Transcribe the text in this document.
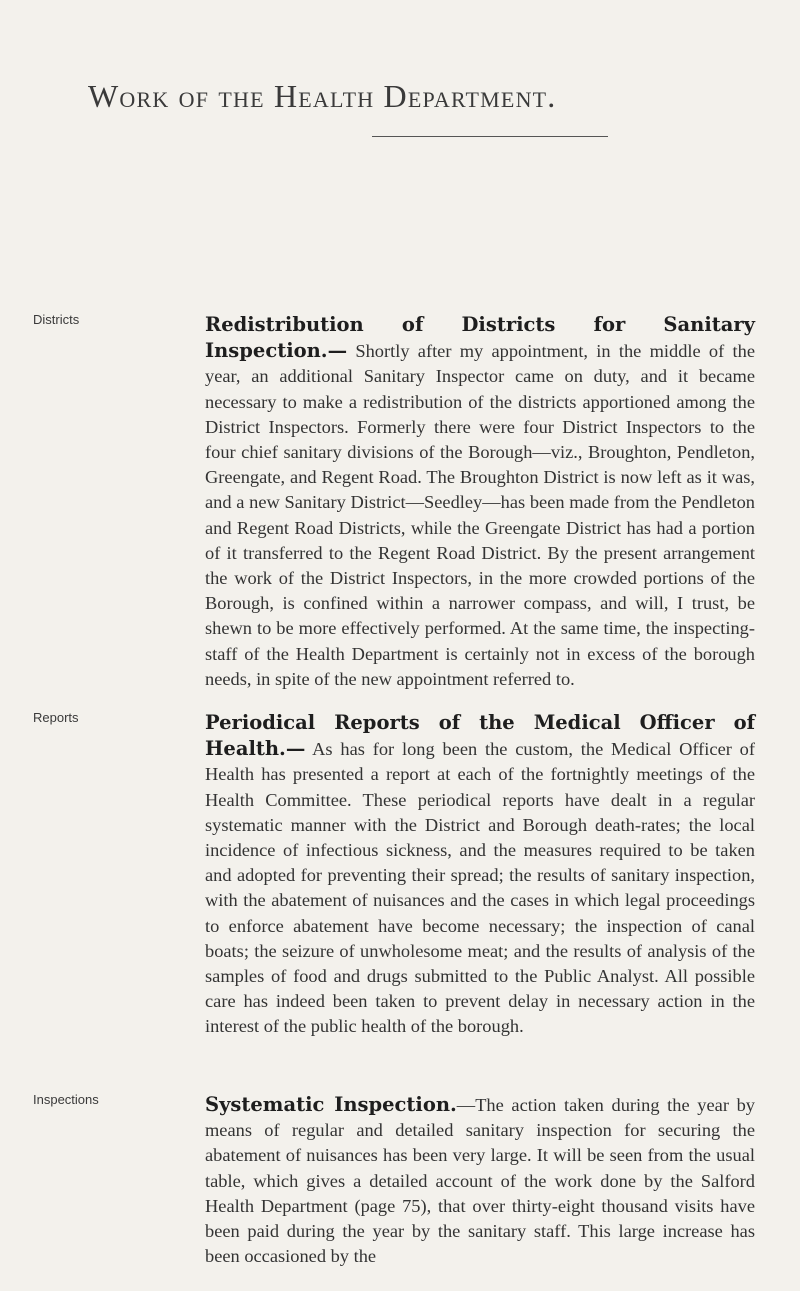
Work of the Health Department.
Districts	Redistribution of Districts for Sanitary Inspection.— Shortly after my appointment, in the middle of the year, an additional Sanitary Inspector came on duty, and it became necessary to make a redistribution of the districts apportioned among the District Inspectors. Formerly there were four District Inspectors to the four chief sanitary divisions of the Borough—viz., Broughton, Pendleton, Greengate, and Regent Road. The Broughton District is now left as it was, and a new Sanitary District—Seedley—has been made from the Pendleton and Regent Road Districts, while the Greengate District has had a portion of it transferred to the Regent Road District. By the present arrangement the work of the District Inspectors, in the more crowded portions of the Borough, is confined within a narrower compass, and will, I trust, be shewn to be more effectively performed. At the same time, the inspecting-staff of the Health Department is certainly not in excess of the borough needs, in spite of the new appointment referred to.
Reports	Periodical Reports of the Medical Officer of Health.— As has for long been the custom, the Medical Officer of Health has presented a report at each of the fortnightly meetings of the Health Committee. These periodical reports have dealt in a regular systematic manner with the District and Borough death-rates; the local incidence of infectious sickness, and the measures required to be taken and adopted for preventing their spread; the results of sanitary inspection, with the abatement of nuisances and the cases in which legal proceedings to enforce abatement have become necessary; the inspection of canal boats; the seizure of unwholesome meat; and the results of analysis of the samples of food and drugs submitted to the Public Analyst. All possible care has indeed been taken to prevent delay in necessary action in the interest of the public health of the borough.
Inspections	Systematic Inspection.—The action taken during the year by means of regular and detailed sanitary inspection for securing the abatement of nuisances has been very large. It will be seen from the usual table, which gives a detailed account of the work done by the Salford Health Department (page 75), that over thirty-eight thousand visits have been paid during the year by the sanitary staff. This large increase has been occasioned by the
